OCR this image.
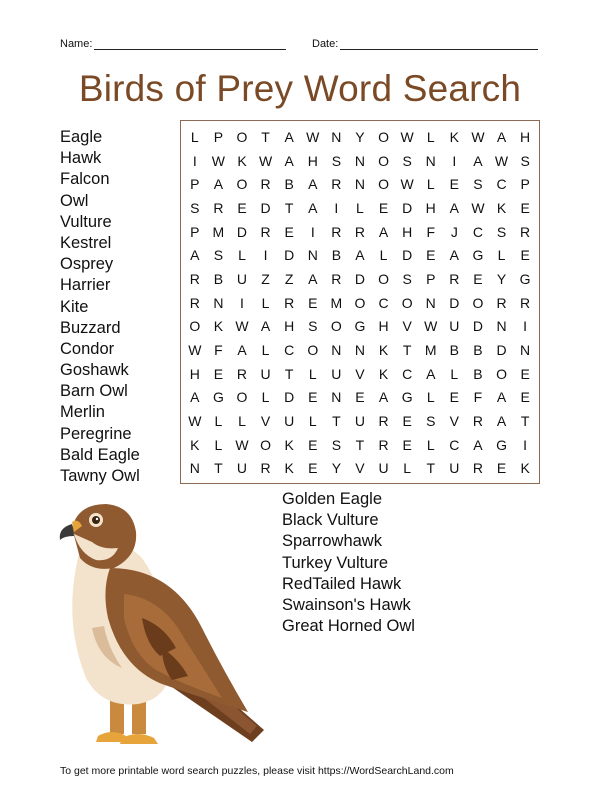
Name:	Date:
Birds of Prey Word Search
Eagle
Hawk
Falcon
Owl
Vulture
Kestrel
Osprey
Harrier
Kite
Buzzard
Condor
Goshawk
Barn Owl
Merlin
Peregrine
Bald Eagle
Tawny Owl
Golden Eagle
Black Vulture
Sparrowhawk
Turkey Vulture
RedTailed Hawk
Swainson's Hawk
Great Horned Owl
L	P O T	A W N Y O W L	K W A H
I	W K W A H S N O S N	I	A W S
P	A O R B	A R N O W L	E	S C P
S R E D	T	A	I	L	E D H A W K	E
P M D R E	I	R R A H	F	J	C S R
A	S	L	I	D N B	A	L	D E	A G	L	E
R B U	Z	Z	A R D O S	P R E	Y G
R N	I	L	R E M O C O N D O R R
O K W A H S O G H V W U D N	I
W F	A	L	C O N N K	T M B	B D N
H E R U	T	L	U V	K C A	L	B O E
A G O	L	D E N E	A G	L	E	F	A	E
W L	L	V U	L	T	U R E	S	V R A	T
K	L W O K	E	S	T	R E	L	C A G	I
N	T	U R K	E	Y	V U	L	T	U R E	K
To get more printable word search puzzles, please visit https://WordSearchLand.com
